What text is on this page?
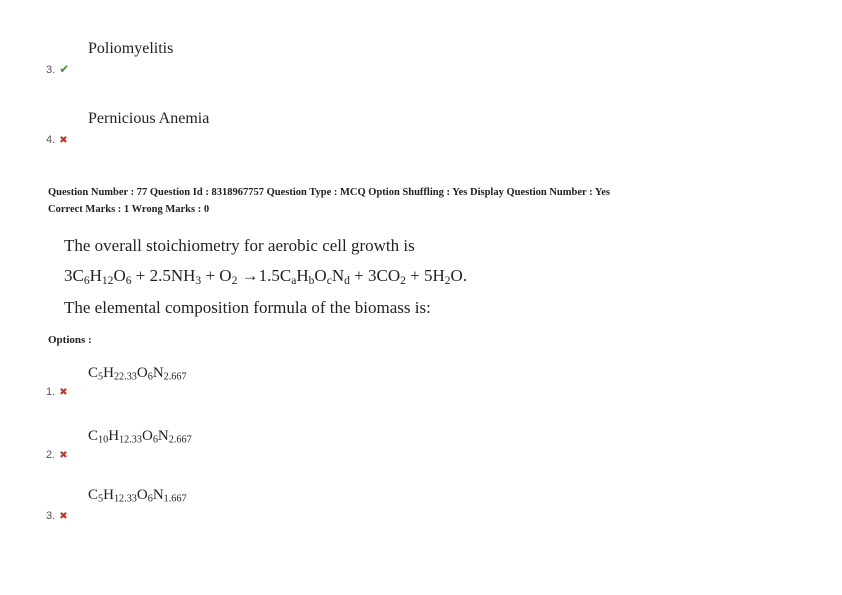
Poliomyelitis
3. ✔
Pernicious Anemia
4. ✖
Question Number : 77 Question Id : 8318967757 Question Type : MCQ Option Shuffling : Yes Display Question Number : Yes
Correct Marks : 1 Wrong Marks : 0
The overall stoichiometry for aerobic cell growth is
$3C_6H_{12}O_6 + 2.5NH_3 + O_2 \to 1.5C_aH_bO_cN_d + 3CO_2 + 5H_2O$.
The elemental composition formula of the biomass is:
Options :
$C_5H_{22.33}O_6N_{2.667}$
1. ✖
$C_{10}H_{12.33}O_6N_{2.667}$
2. ✖
$C_5H_{12.33}O_6N_{1.667}$
3. ✖
